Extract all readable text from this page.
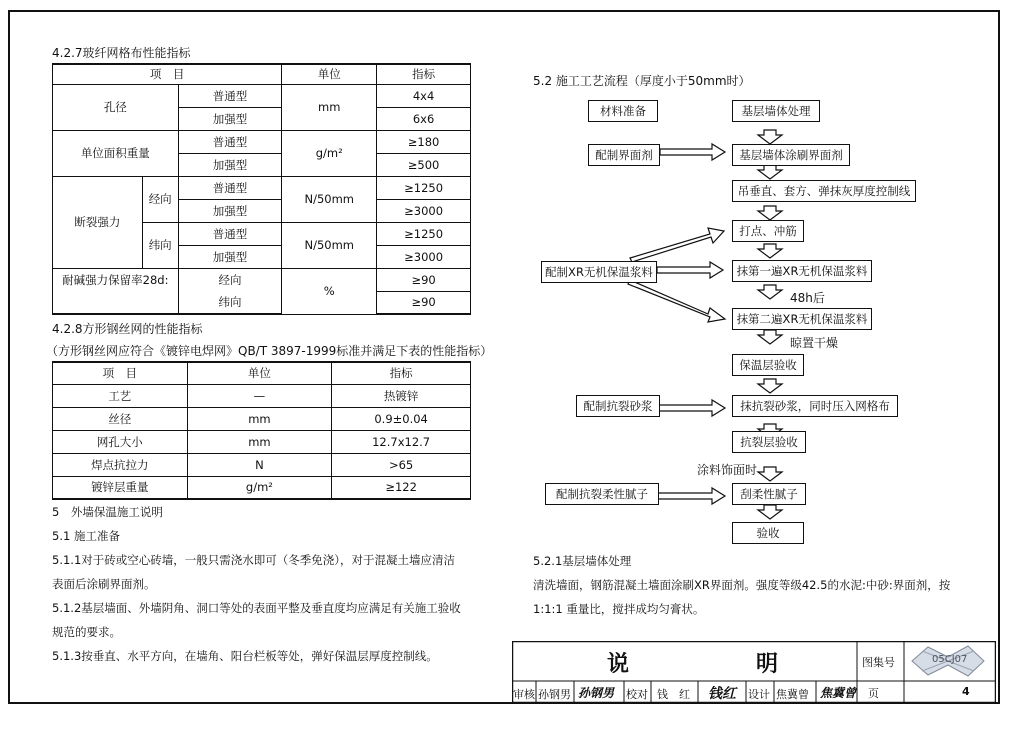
4.2.7玻纤网格布性能指标
项　目			单位	指标
孔径		普通型	mm	4x4
		加强型		6x6
单位面积重量		普通型	g/m²	≥180
		加强型		≥500
断裂强力	经向	普通型	N/50mm	≥1250
		加强型		≥3000
	纬向	普通型	N/50mm	≥1250
		加强型		≥3000
耐碱强力保留率28d:		经向	%	≥90
		纬向		≥90
4.2.8方形钢丝网的性能指标
（方形钢丝网应符合《镀锌电焊网》QB/T 3897-1999标准并满足下表的性能指标）
项　目	单位	指标
工艺	—	热镀锌
丝径	mm	0.9±0.04
网孔大小	mm	12.7x12.7
焊点抗拉力	N	>65
镀锌层重量	g/m²	≥122
5　外墙保温施工说明
5.1 施工准备
5.1.1对于砖或空心砖墙，一般只需浇水即可（冬季免浇），对于混凝土墙应清洁
表面后涂刷界面剂。
5.1.2基层墙面、外墙阴角、洞口等处的表面平整及垂直度均应满足有关施工验收
规范的要求。
5.1.3按垂直、水平方向，在墙角、阳台栏板等处，弹好保温层厚度控制线。
5.2 施工工艺流程（厚度小于50mm时）
材料准备
配制界面剂
配制XR无机保温浆料
配制抗裂砂浆
配制抗裂柔性腻子
基层墙体处理
基层墙体涂刷界面剂
吊垂直、套方、弹抹灰厚度控制线
打点、冲筋
抹第一遍XR无机保温浆料
抹第二遍XR无机保温浆料
保温层验收
抹抗裂砂浆，同时压入网格布
抗裂层验收
刮柔性腻子
验收
48h后
晾置干燥
涂料饰面时
5.2.1基层墙体处理
清洗墙面，钢筋混凝土墙面涂刷XR界面剂。强度等级42.5的水泥:中砂:界面剂，按
1:1:1 重量比，搅拌成均匀膏状。
说	明	图集号
页
05CJ07
4
审核 孙钢男 孙钢男 校对 钱　红 钱红 设计 焦冀曾 焦冀曾
